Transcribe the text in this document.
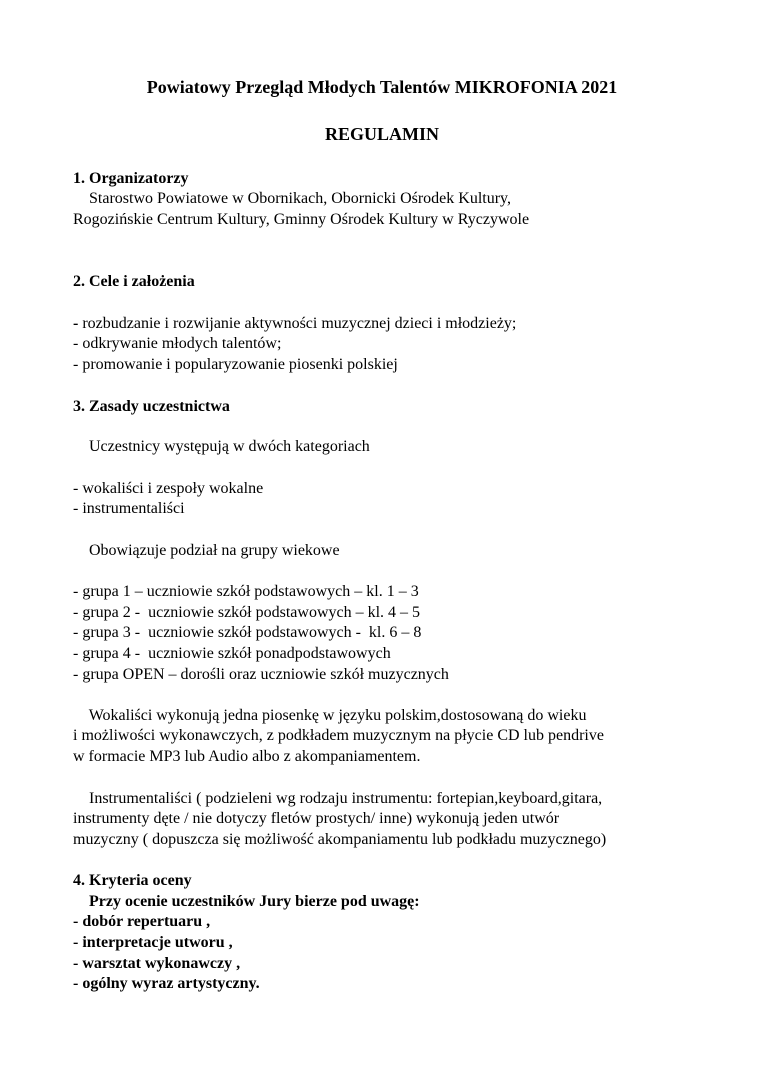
Powiatowy Przegląd Młodych Talentów MIKROFONIA 2021
REGULAMIN
1. Organizatorzy
Starostwo Powiatowe w Obornikach, Obornicki Ośrodek Kultury,
Rogozińskie Centrum Kultury, Gminny Ośrodek Kultury w Ryczywole
2. Cele i założenia
- rozbudzanie i rozwijanie aktywności muzycznej dzieci i młodzieży;
- odkrywanie młodych talentów;
- promowanie i popularyzowanie piosenki polskiej
3. Zasady uczestnictwa
Uczestnicy występują w dwóch kategoriach
- wokaliści i zespoły wokalne
- instrumentaliści
Obowiązuje podział na grupy wiekowe
- grupa 1 – uczniowie szkół podstawowych – kl. 1 – 3
- grupa 2 -  uczniowie szkół podstawowych – kl. 4 – 5
- grupa 3 -  uczniowie szkół podstawowych -  kl. 6 – 8
- grupa 4 -  uczniowie szkół ponadpodstawowych
- grupa OPEN – dorośli oraz uczniowie szkół muzycznych
Wokaliści wykonują jedna piosenkę w języku polskim,dostosowaną do wieku
i możliwości wykonawczych, z podkładem muzycznym na płycie CD lub pendrive
w formacie MP3 lub Audio albo z akompaniamentem.
Instrumentaliści ( podzieleni wg rodzaju instrumentu: fortepian,keyboard,gitara,
instrumenty dęte / nie dotyczy fletów prostych/ inne) wykonują jeden utwór
muzyczny ( dopuszcza się możliwość akompaniamentu lub podkładu muzycznego)
4. Kryteria oceny
Przy ocenie uczestników Jury bierze pod uwagę:
- dobór repertuaru ,
- interpretacje utworu ,
- warsztat wykonawczy ,
- ogólny wyraz artystyczny.
